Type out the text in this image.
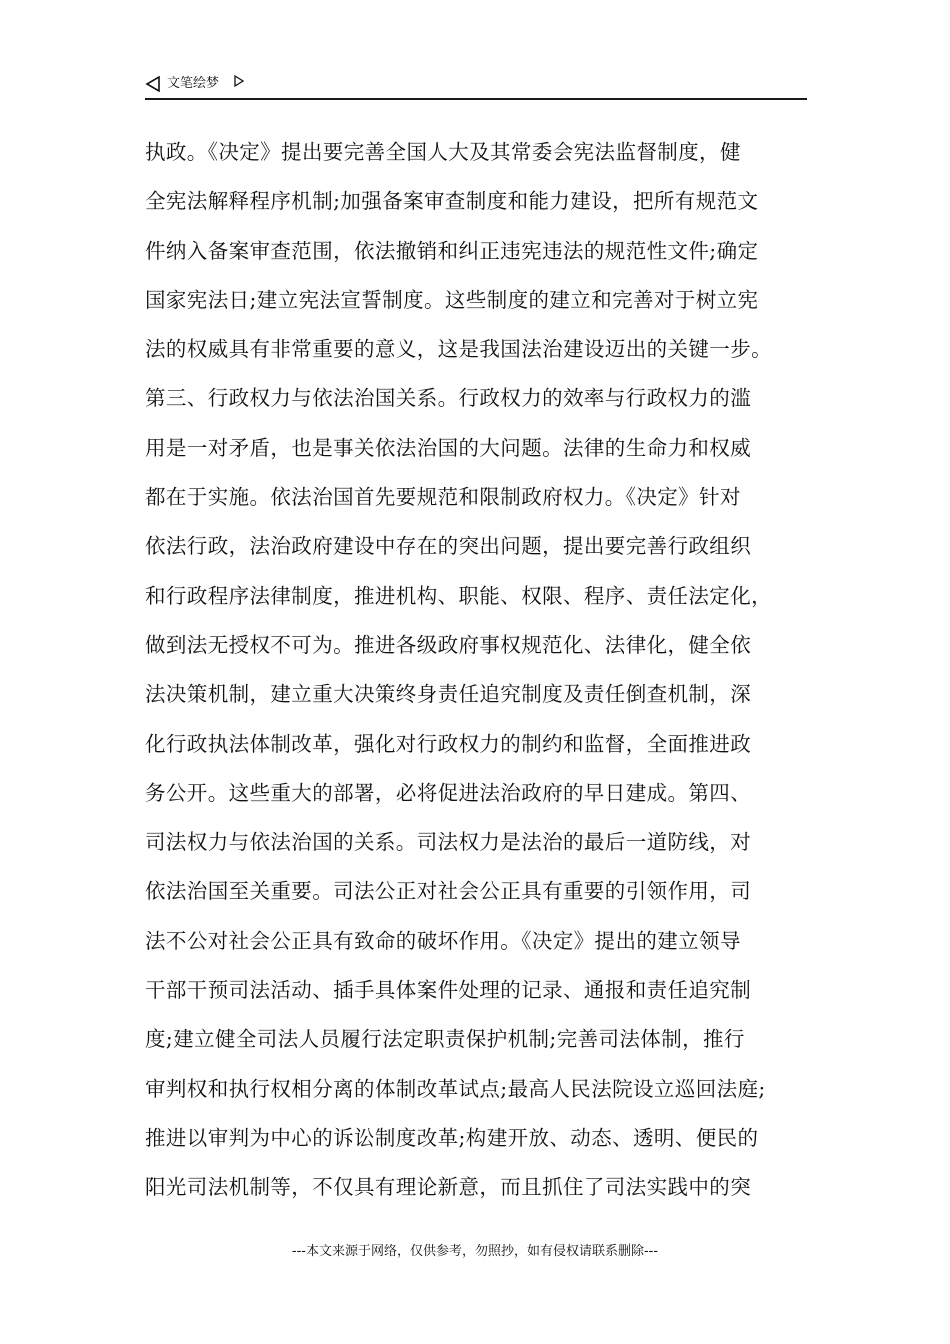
文笔绘梦
执政。《决定》提出要完善全国人大及其常委会宪法监督制度，健
全宪法解释程序机制;加强备案审查制度和能力建设，把所有规范文
件纳入备案审查范围，依法撤销和纠正违宪违法的规范性文件;确定
国家宪法日;建立宪法宣誓制度。这些制度的建立和完善对于树立宪
法的权威具有非常重要的意义，这是我国法治建设迈出的关键一步。
第三、行政权力与依法治国关系。行政权力的效率与行政权力的滥
用是一对矛盾，也是事关依法治国的大问题。法律的生命力和权威
都在于实施。依法治国首先要规范和限制政府权力。《决定》针对
依法行政，法治政府建设中存在的突出问题，提出要完善行政组织
和行政程序法律制度，推进机构、职能、权限、程序、责任法定化，
做到法无授权不可为。推进各级政府事权规范化、法律化，健全依
法决策机制，建立重大决策终身责任追究制度及责任倒查机制，深
化行政执法体制改革，强化对行政权力的制约和监督，全面推进政
务公开。这些重大的部署，必将促进法治政府的早日建成。第四、
司法权力与依法治国的关系。司法权力是法治的最后一道防线，对
依法治国至关重要。司法公正对社会公正具有重要的引领作用，司
法不公对社会公正具有致命的破坏作用。《决定》提出的建立领导
干部干预司法活动、插手具体案件处理的记录、通报和责任追究制
度;建立健全司法人员履行法定职责保护机制;完善司法体制，推行
审判权和执行权相分离的体制改革试点;最高人民法院设立巡回法庭;
推进以审判为中心的诉讼制度改革;构建开放、动态、透明、便民的
阳光司法机制等，不仅具有理论新意，而且抓住了司法实践中的突
---本文来源于网络，仅供参考，勿照抄，如有侵权请联系删除---
